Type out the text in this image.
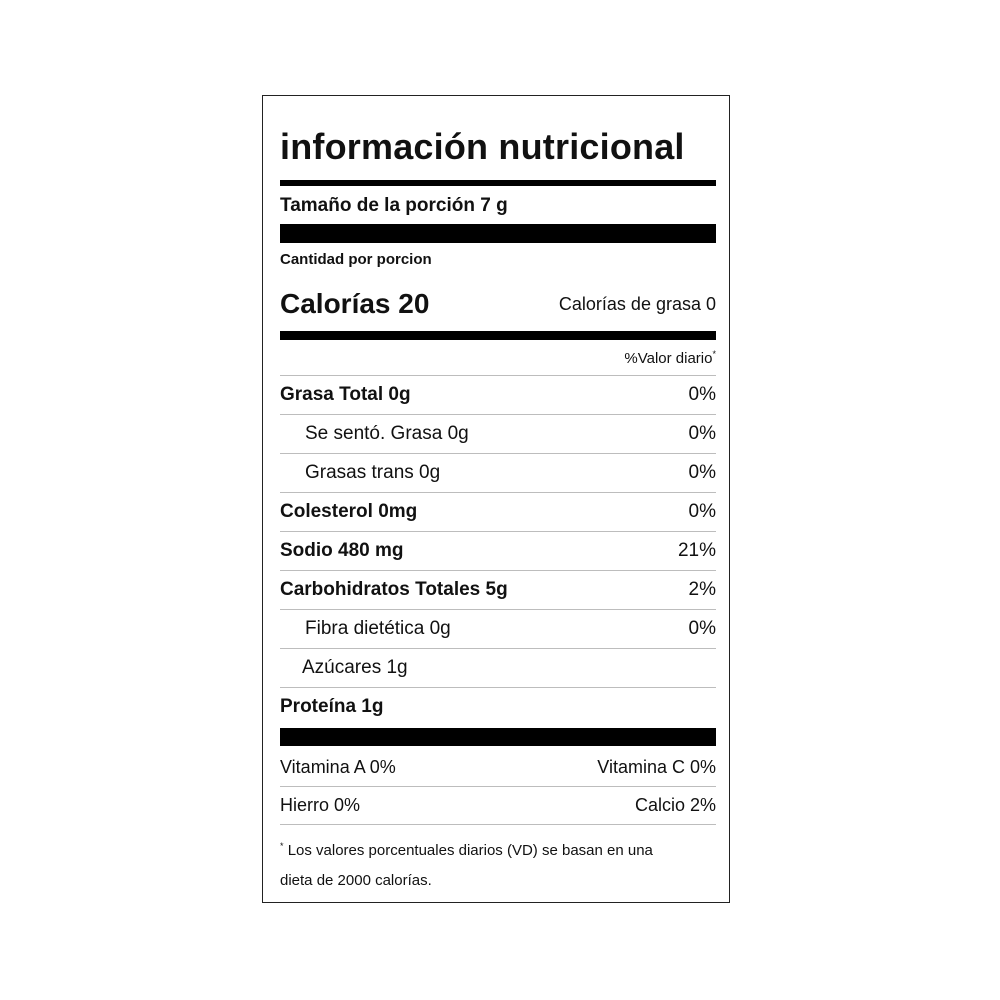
información nutricional
Tamaño de la porción 7 g
Cantidad por porcion
Calorías 20	Calorías de grasa 0
%Valor diario*
Grasa Total 0g	0%
Se sentó. Grasa 0g	0%
Grasas trans 0g	0%
Colesterol 0mg	0%
Sodio 480 mg	21%
Carbohidratos Totales 5g	2%
Fibra dietética 0g	0%
Azúcares 1g
Proteína 1g
Vitamina A 0%	Vitamina C 0%
Hierro 0%	Calcio 2%
* Los valores porcentuales diarios (VD) se basan en una
dieta de 2000 calorías.
